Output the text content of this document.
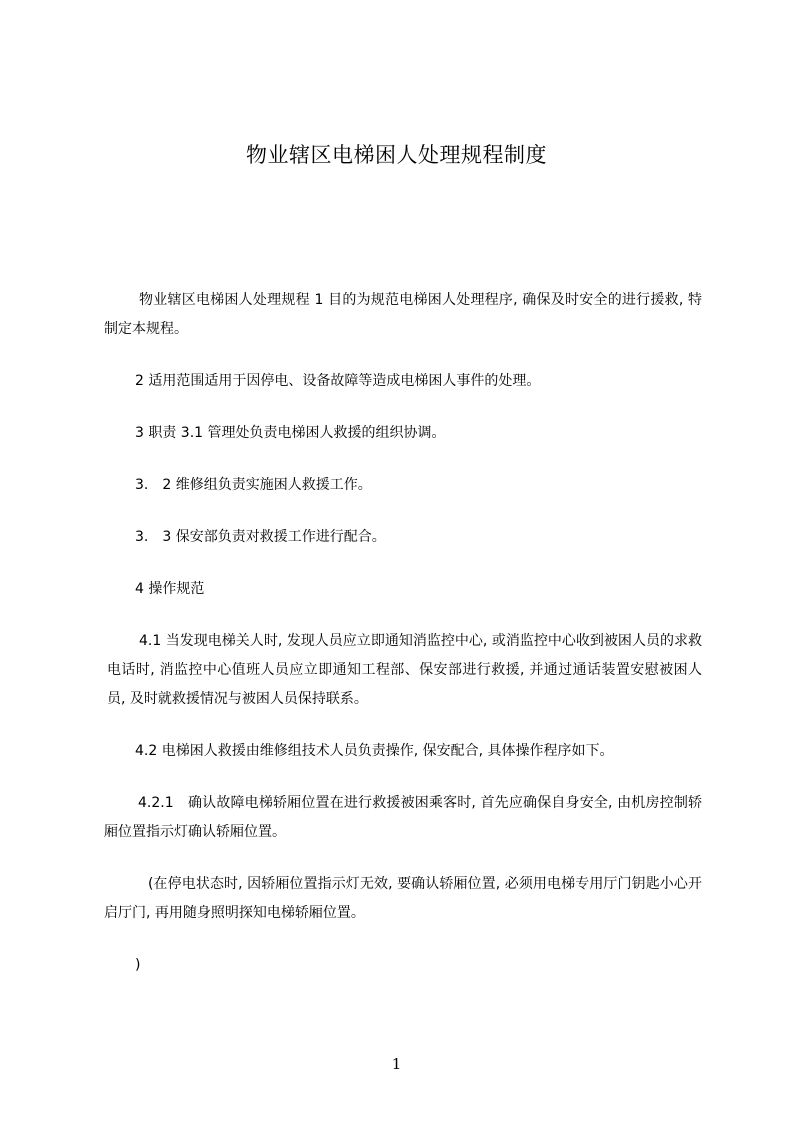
物业辖区电梯困人处理规程制度

物业辖区电梯困人处理规程 1 目的为规范电梯困人处理程序, 确保及时安全的进行援救, 特制定本规程。

2 适用范围适用于因停电、设备故障等造成电梯困人事件的处理。

3 职责 3.1 管理处负责电梯困人救援的组织协调。

3.　2 维修组负责实施困人救援工作。

3.　3 保安部负责对救援工作进行配合。

4 操作规范

4.1 当发现电梯关人时, 发现人员应立即通知消监控中心, 或消监控中心收到被困人员的求救电话时, 消监控中心值班人员应立即通知工程部、保安部进行救援, 并通过通话装置安慰被困人员, 及时就救援情况与被困人员保持联系。

4.2 电梯困人救援由维修组技术人员负责操作, 保安配合, 具体操作程序如下。

4.2.1　确认故障电梯轿厢位置在进行救援被困乘客时, 首先应确保自身安全, 由机房控制轿厢位置指示灯确认轿厢位置。

(在停电状态时, 因轿厢位置指示灯无效, 要确认轿厢位置, 必须用电梯专用厅门钥匙小心开启厅门, 再用随身照明探知电梯轿厢位置。

)

1
